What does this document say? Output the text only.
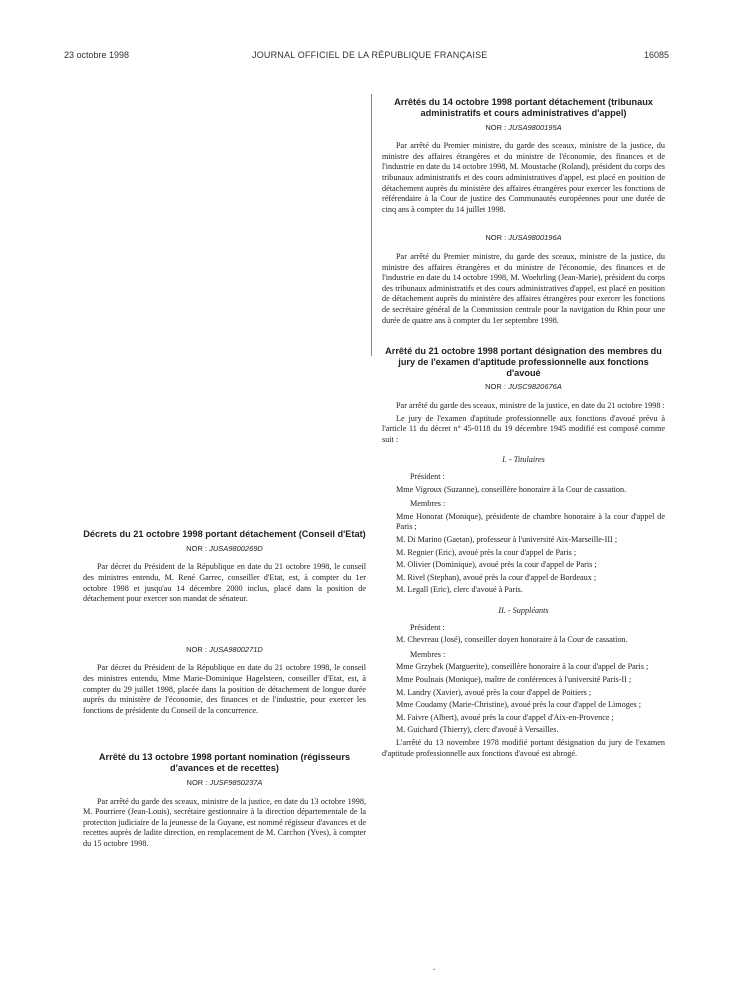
23 octobre 1998	JOURNAL OFFICIEL DE LA RÉPUBLIQUE FRANÇAISE	16085
Décrets du 21 octobre 1998 portant détachement (Conseil d'Etat)
NOR : JUSA9800269D

Par décret du Président de la République en date du 21 octobre 1998, le conseil des ministres entendu, M. René Garrec, conseiller d'Etat, est, à compter du 1er octobre 1998 et jusqu'au 14 décembre 2000 inclus, placé dans la position de détachement pour exercer son mandat de sénateur.

NOR : JUSA9800271D

Par décret du Président de la République en date du 21 octobre 1998, le conseil des ministres entendu, Mme Marie-Dominique Hagelsteen, conseiller d'Etat, est, à compter du 29 juillet 1998, placée dans la position de détachement de longue durée auprès du ministère de l'économie, des finances et de l'industrie, pour exercer les fonctions de présidente du Conseil de la concurrence.

Arrêté du 13 octobre 1998 portant nomination (régisseurs d'avances et de recettes)
NOR : JUSF9850237A

Par arrêté du garde des sceaux, ministre de la justice, en date du 13 octobre 1998, M. Pourriere (Jean-Louis), secrétaire gestionnaire à la direction départementale de la protection judiciaire de la jeunesse de la Guyane, est nommé régisseur d'avances et de recettes auprès de ladite direction, en remplacement de M. Carchon (Yves), à compter du 15 octobre 1998.

Arrêtés du 14 octobre 1998 portant détachement (tribunaux administratifs et cours administratives d'appel)
NOR : JUSA9800195A

Par arrêté du Premier ministre, du garde des sceaux, ministre de la justice, du ministre des affaires étrangères et du ministre de l'économie, des finances et de l'industrie en date du 14 octobre 1998, M. Moustache (Roland), président du corps des tribunaux administratifs et des cours administratives d'appel, est placé en position de détachement auprès du ministère des affaires étrangères pour exercer les fonctions de référendaire à la Cour de justice des Communautés européennes pour une durée de cinq ans à compter du 14 juillet 1998.

NOR : JUSA9800196A

Par arrêté du Premier ministre, du garde des sceaux, ministre de la justice, du ministre des affaires étrangères et du ministre de l'économie, des finances et de l'industrie en date du 14 octobre 1998, M. Woehrling (Jean-Marie), président du corps des tribunaux administratifs et des cours administratives d'appel, est placé en position de détachement auprès du ministère des affaires étrangères pour exercer les fonctions de secrétaire général de la Commission centrale pour la navigation du Rhin pour une durée de quatre ans à compter du 1er septembre 1998.

Arrêté du 21 octobre 1998 portant désignation des membres du jury de l'examen d'aptitude professionnelle aux fonctions d'avoué
NOR : JUSC9820676A

Par arrêté du garde des sceaux, ministre de la justice, en date du 21 octobre 1998 :

Le jury de l'examen d'aptitude professionnelle aux fonctions d'avoué prévu à l'article 11 du décret n° 45-0118 du 19 décembre 1945 modifié est composé comme suit :

I. - Titulaires
Président :

Mme Vigroux (Suzanne), conseillère honoraire à la Cour de cassation.

Membres :

Mme Honorat (Monique), présidente de chambre honoraire à la cour d'appel de Paris ;

M. Di Marino (Gaetan), professeur à l'université Aix-Marseille-III ;

M. Regnier (Eric), avoué près la cour d'appel de Paris ;

M. Olivier (Dominique), avoué près la cour d'appel de Paris ;

M. Rivel (Stephan), avoué près la cour d'appel de Bordeaux ;

M. Legall (Eric), clerc d'avoué à Paris.

II. - Suppléants
Président :

M. Chevreau (José), conseiller doyen honoraire à la Cour de cassation.

Membres :

Mme Grzybek (Marguerite), conseillère honoraire à la cour d'appel de Paris ;

Mme Poulnais (Monique), maître de conférences à l'université Paris-II ;

M. Landry (Xavier), avoué près la cour d'appel de Poitiers ;

Mme Coudamy (Marie-Christine), avoué près la cour d'appel de Limoges ;

M. Faivre (Albert), avoué près la cour d'appel d'Aix-en-Provence ;

M. Guichard (Thierry), clerc d'avoué à Versailles.

L'arrêté du 13 novembre 1978 modifié portant désignation du jury de l'examen d'aptitude professionnelle aux fonctions d'avoué est abrogé.

.
